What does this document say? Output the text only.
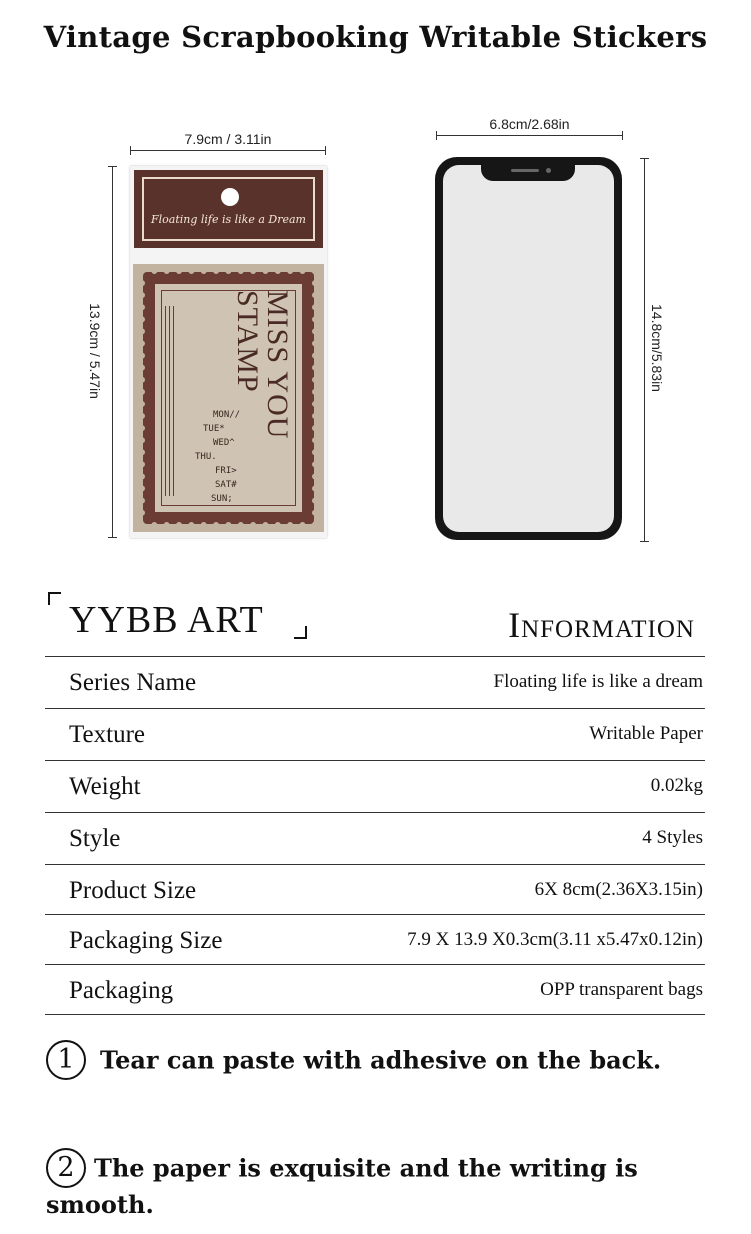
Vintage Scrapbooking Writable Stickers
7.9cm / 3.11in
13.9cm / 5.47in
Floating life is like a Dream
MISS YOU STAMP
MON//
TUE*
WED^
THU.
FRI>
SAT#
SUN;
6.8cm/2.68in
14.8cm/5.83in
YYBB ART	Information
Series Name	Floating life is like a dream
Texture	Writable Paper
Weight	0.02kg
Style	4 Styles
Product Size	6X 8cm(2.36X3.15in)
Packaging Size	7.9 X 13.9 X0.3cm(3.11 x5.47x0.12in)
Packaging	OPP transparent bags
1 Tear can paste with adhesive on the back.
2 The paper is exquisite and the writing is smooth.
